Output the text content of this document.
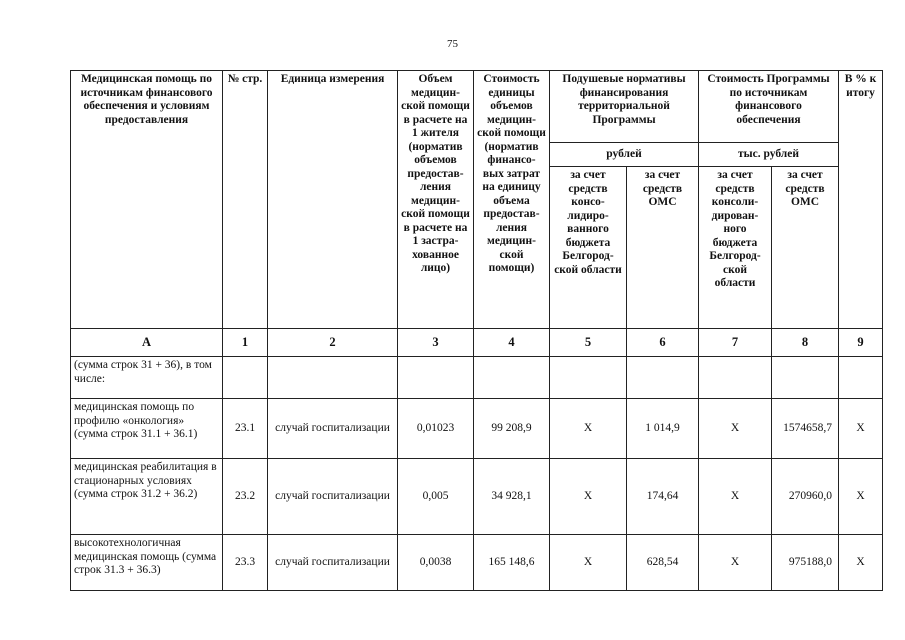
75
Медицинская помощь по источникам финансового обеспечения и условиям предоставления	№ стр.	Единица измерения	Объем медицин-ской помощи в расчете на 1 жителя (норматив объемов предостав-ления медицин-ской помощи в расчете на 1 застра-хованное лицо)	Стоимость единицы объемов медицин-ской помощи (норматив финансо-вых затрат на единицу объема предостав-ления медицин-ской помощи)	Подушевые нормативы финансирования территориальной Программы		Стоимость Программы по источникам финансового обеспечения		В % к итогу
					рублей		тыс. рублей		
					за счет средств консо-лидиро-ванного бюджета Белгород-ской области	за счет средств ОМС	за счет средств консоли-дирован-ного бюджета Белгород-ской области	за счет средств ОМС	
А	1	2	3	4	5	6	7	8	9
(сумма строк 31 + 36), в том числе:									
медицинская помощь по профилю «онкология» (сумма строк 31.1 + 36.1)	23.1	случай госпитализации	0,01023	99 208,9	Х	1 014,9	Х	1574658,7	Х
медицинская реабилитация в стационарных условиях (сумма строк 31.2 + 36.2)	23.2	случай госпитализации	0,005	34 928,1	Х	174,64	Х	270960,0	Х
высокотехнологичная медицинская помощь (сумма строк 31.3 + 36.3)	23.3	случай госпитализации	0,0038	165 148,6	Х	628,54	Х	975188,0	Х
